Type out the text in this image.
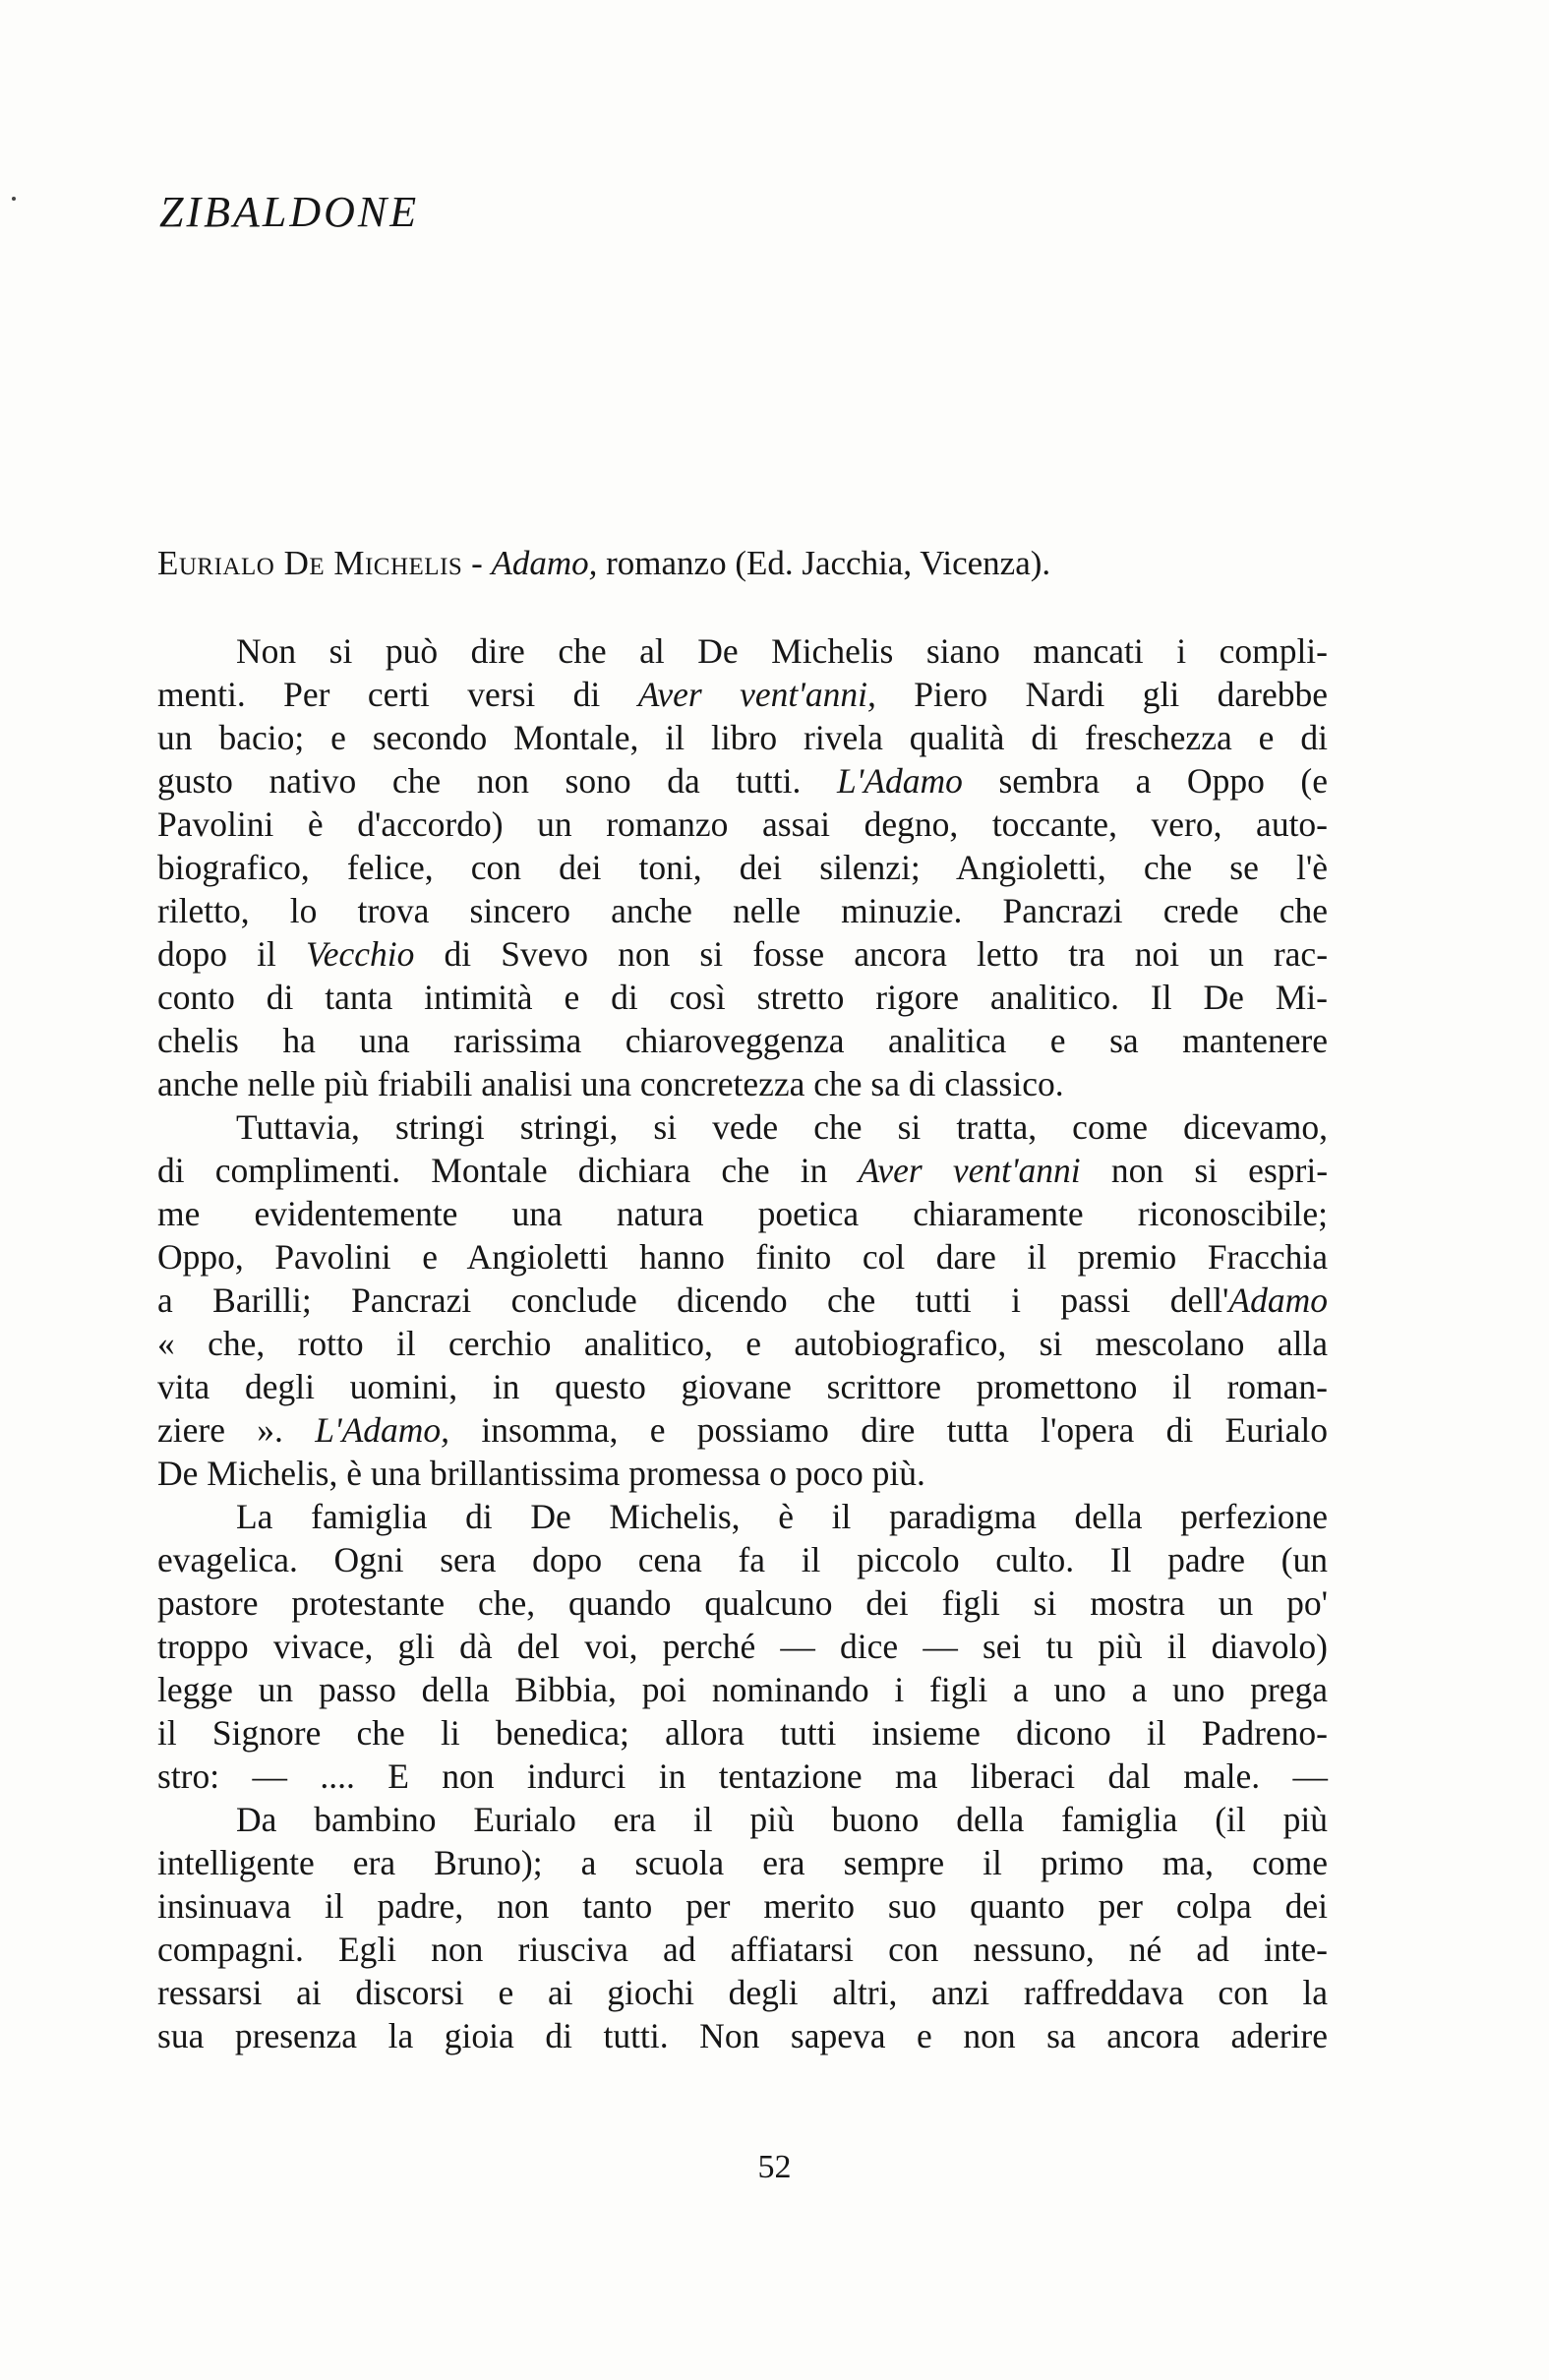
ZIBALDONE
Eurialo De Michelis - Adamo, romanzo (Ed. Jacchia, Vicenza).
Non si può dire che al De Michelis siano mancati i compli-
menti. Per certi versi di Aver vent'anni, Piero Nardi gli darebbe
un bacio; e secondo Montale, il libro rivela qualità di freschezza e di
gusto nativo che non sono da tutti. L'Adamo sembra a Oppo (e
Pavolini è d'accordo) un romanzo assai degno, toccante, vero, auto-
biografico, felice, con dei toni, dei silenzi; Angioletti, che se l'è
riletto, lo trova sincero anche nelle minuzie. Pancrazi crede che
dopo il Vecchio di Svevo non si fosse ancora letto tra noi un rac-
conto di tanta intimità e di così stretto rigore analitico. Il De Mi-
chelis ha una rarissima chiaroveggenza analitica e sa mantenere
anche nelle più friabili analisi una concretezza che sa di classico.
Tuttavia, stringi stringi, si vede che si tratta, come dicevamo,
di complimenti. Montale dichiara che in Aver vent'anni non si espri-
me evidentemente una natura poetica chiaramente riconoscibile;
Oppo, Pavolini e Angioletti hanno finito col dare il premio Fracchia
a Barilli; Pancrazi conclude dicendo che tutti i passi dell'Adamo
« che, rotto il cerchio analitico, e autobiografico, si mescolano alla
vita degli uomini, in questo giovane scrittore promettono il roman-
ziere ». L'Adamo, insomma, e possiamo dire tutta l'opera di Eurialo
De Michelis, è una brillantissima promessa o poco più.
La famiglia di De Michelis, è il paradigma della perfezione
evagelica. Ogni sera dopo cena fa il piccolo culto. Il padre (un
pastore protestante che, quando qualcuno dei figli si mostra un po'
troppo vivace, gli dà del voi, perché — dice — sei tu più il diavolo)
legge un passo della Bibbia, poi nominando i figli a uno a uno prega
il Signore che li benedica; allora tutti insieme dicono il Padreno-
stro: — .... E non indurci in tentazione ma liberaci dal male. —
Da bambino Eurialo era il più buono della famiglia (il più
intelligente era Bruno); a scuola era sempre il primo ma, come
insinuava il padre, non tanto per merito suo quanto per colpa dei
compagni. Egli non riusciva ad affiatarsi con nessuno, né ad inte-
ressarsi ai discorsi e ai giochi degli altri, anzi raffreddava con la
sua presenza la gioia di tutti. Non sapeva e non sa ancora aderire

52
